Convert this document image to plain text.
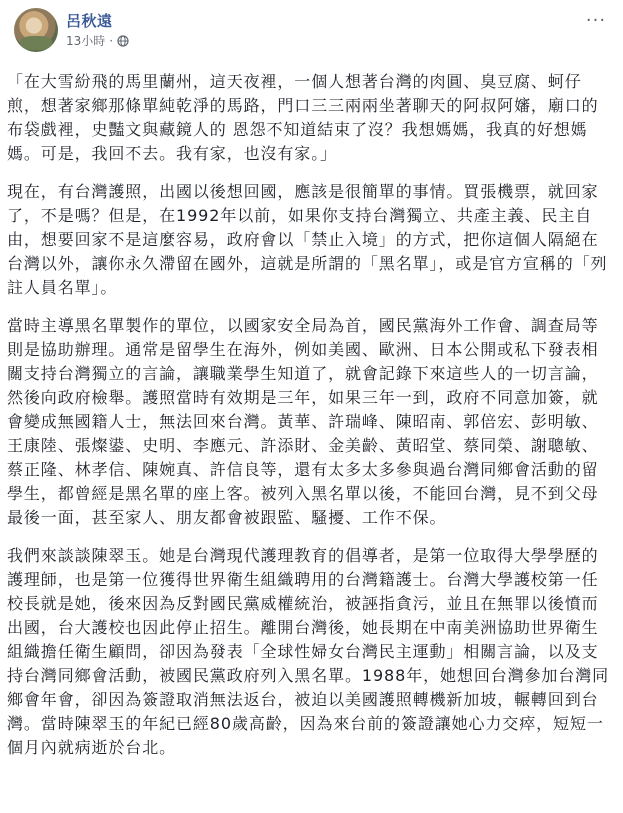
呂秋遠
13小時 ·
···

「在大雪紛飛的馬里蘭州，這天夜裡，一個人想著台灣的肉圓、臭豆腐、蚵仔煎，想著家鄉那條單純乾淨的馬路，門口三三兩兩坐著聊天的阿叔阿嬸，廟口的布袋戲裡，史豔文與藏鏡人的 恩怨不知道結束了沒？我想媽媽，我真的好想媽媽。可是，我回不去。我有家，也沒有家。」

現在，有台灣護照，出國以後想回國，應該是很簡單的事情。買張機票，就回家了，不是嗎？但是，在1992年以前，如果你支持台灣獨立、共產主義、民主自由，想要回家不是這麼容易，政府會以「禁止入境」的方式，把你這個人隔絕在台灣以外，讓你永久滯留在國外，這就是所謂的「黑名單」，或是官方宣稱的「列註人員名單」。

當時主導黑名單製作的單位，以國家安全局為首，國民黨海外工作會、調查局等則是協助辦理。通常是留學生在海外，例如美國、歐洲、日本公開或私下發表相關支持台灣獨立的言論，讓職業學生知道了，就會記錄下來這些人的一切言論，然後向政府檢舉。護照當時有效期是三年，如果三年一到，政府不同意加簽，就會變成無國籍人士，無法回來台灣。黃華、許瑞峰、陳昭南、郭倍宏、彭明敏、王康陸、張燦鍙、史明、李應元、許添財、金美齡、黃昭堂、蔡同榮、謝聰敏、蔡正隆、林孝信、陳婉真、許信良等，還有太多太多參與過台灣同鄉會活動的留學生，都曾經是黑名單的座上客。被列入黑名單以後，不能回台灣，見不到父母最後一面，甚至家人、朋友都會被跟監、騷擾、工作不保。

我們來談談陳翠玉。她是台灣現代護理教育的倡導者，是第一位取得大學學歷的護理師，也是第一位獲得世界衛生組織聘用的台灣籍護士。台灣大學護校第一任校長就是她，後來因為反對國民黨威權統治，被誣指貪污，並且在無罪以後憤而出國，台大護校也因此停止招生。離開台灣後，她長期在中南美洲協助世界衛生組織擔任衛生顧問，卻因為發表「全球性婦女台灣民主運動」相關言論，以及支持台灣同鄉會活動，被國民黨政府列入黑名單。1988年，她想回台灣參加台灣同鄉會年會，卻因為簽證取消無法返台，被迫以美國護照轉機新加坡，輾轉回到台灣。當時陳翠玉的年紀已經80歲高齡，因為來台前的簽證讓她心力交瘁，短短一個月內就病逝於台北。
